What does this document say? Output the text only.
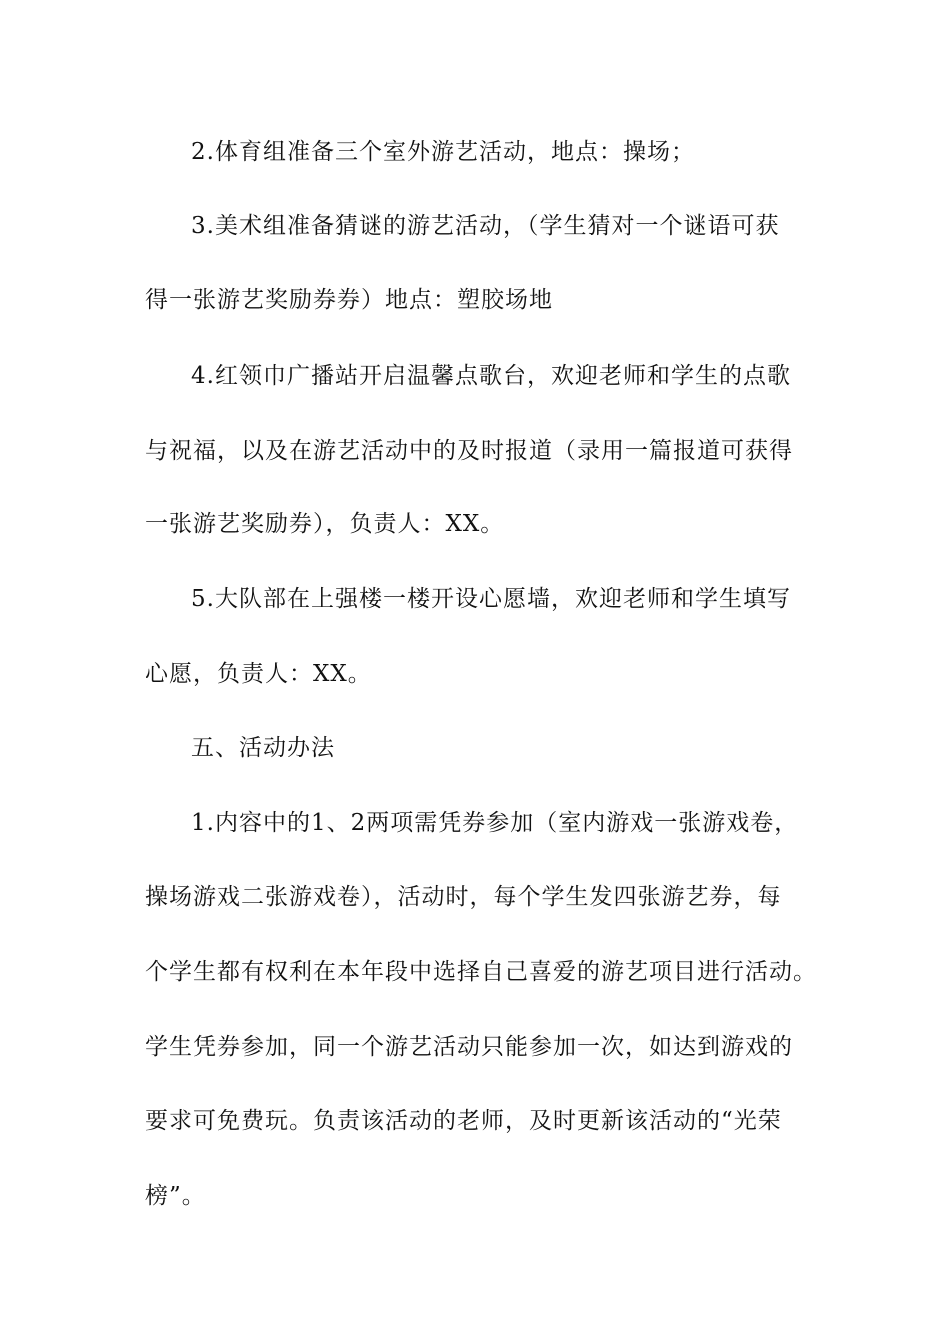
2.体育组准备三个室外游艺活动，地点：操场；
3.美术组准备猜谜的游艺活动，（学生猜对一个谜语可获
得一张游艺奖励券券）地点：塑胶场地
4.红领巾广播站开启温馨点歌台，欢迎老师和学生的点歌
与祝福，以及在游艺活动中的及时报道（录用一篇报道可获得
一张游艺奖励券），负责人：XX。
5.大队部在上强楼一楼开设心愿墙，欢迎老师和学生填写
心愿，负责人：XX。
五、活动办法
1.内容中的1、2两项需凭券参加（室内游戏一张游戏卷，
操场游戏二张游戏卷），活动时，每个学生发四张游艺券，每
个学生都有权利在本年段中选择自己喜爱的游艺项目进行活动。
学生凭券参加，同一个游艺活动只能参加一次，如达到游戏的
要求可免费玩。负责该活动的老师，及时更新该活动的“光荣
榜”。
